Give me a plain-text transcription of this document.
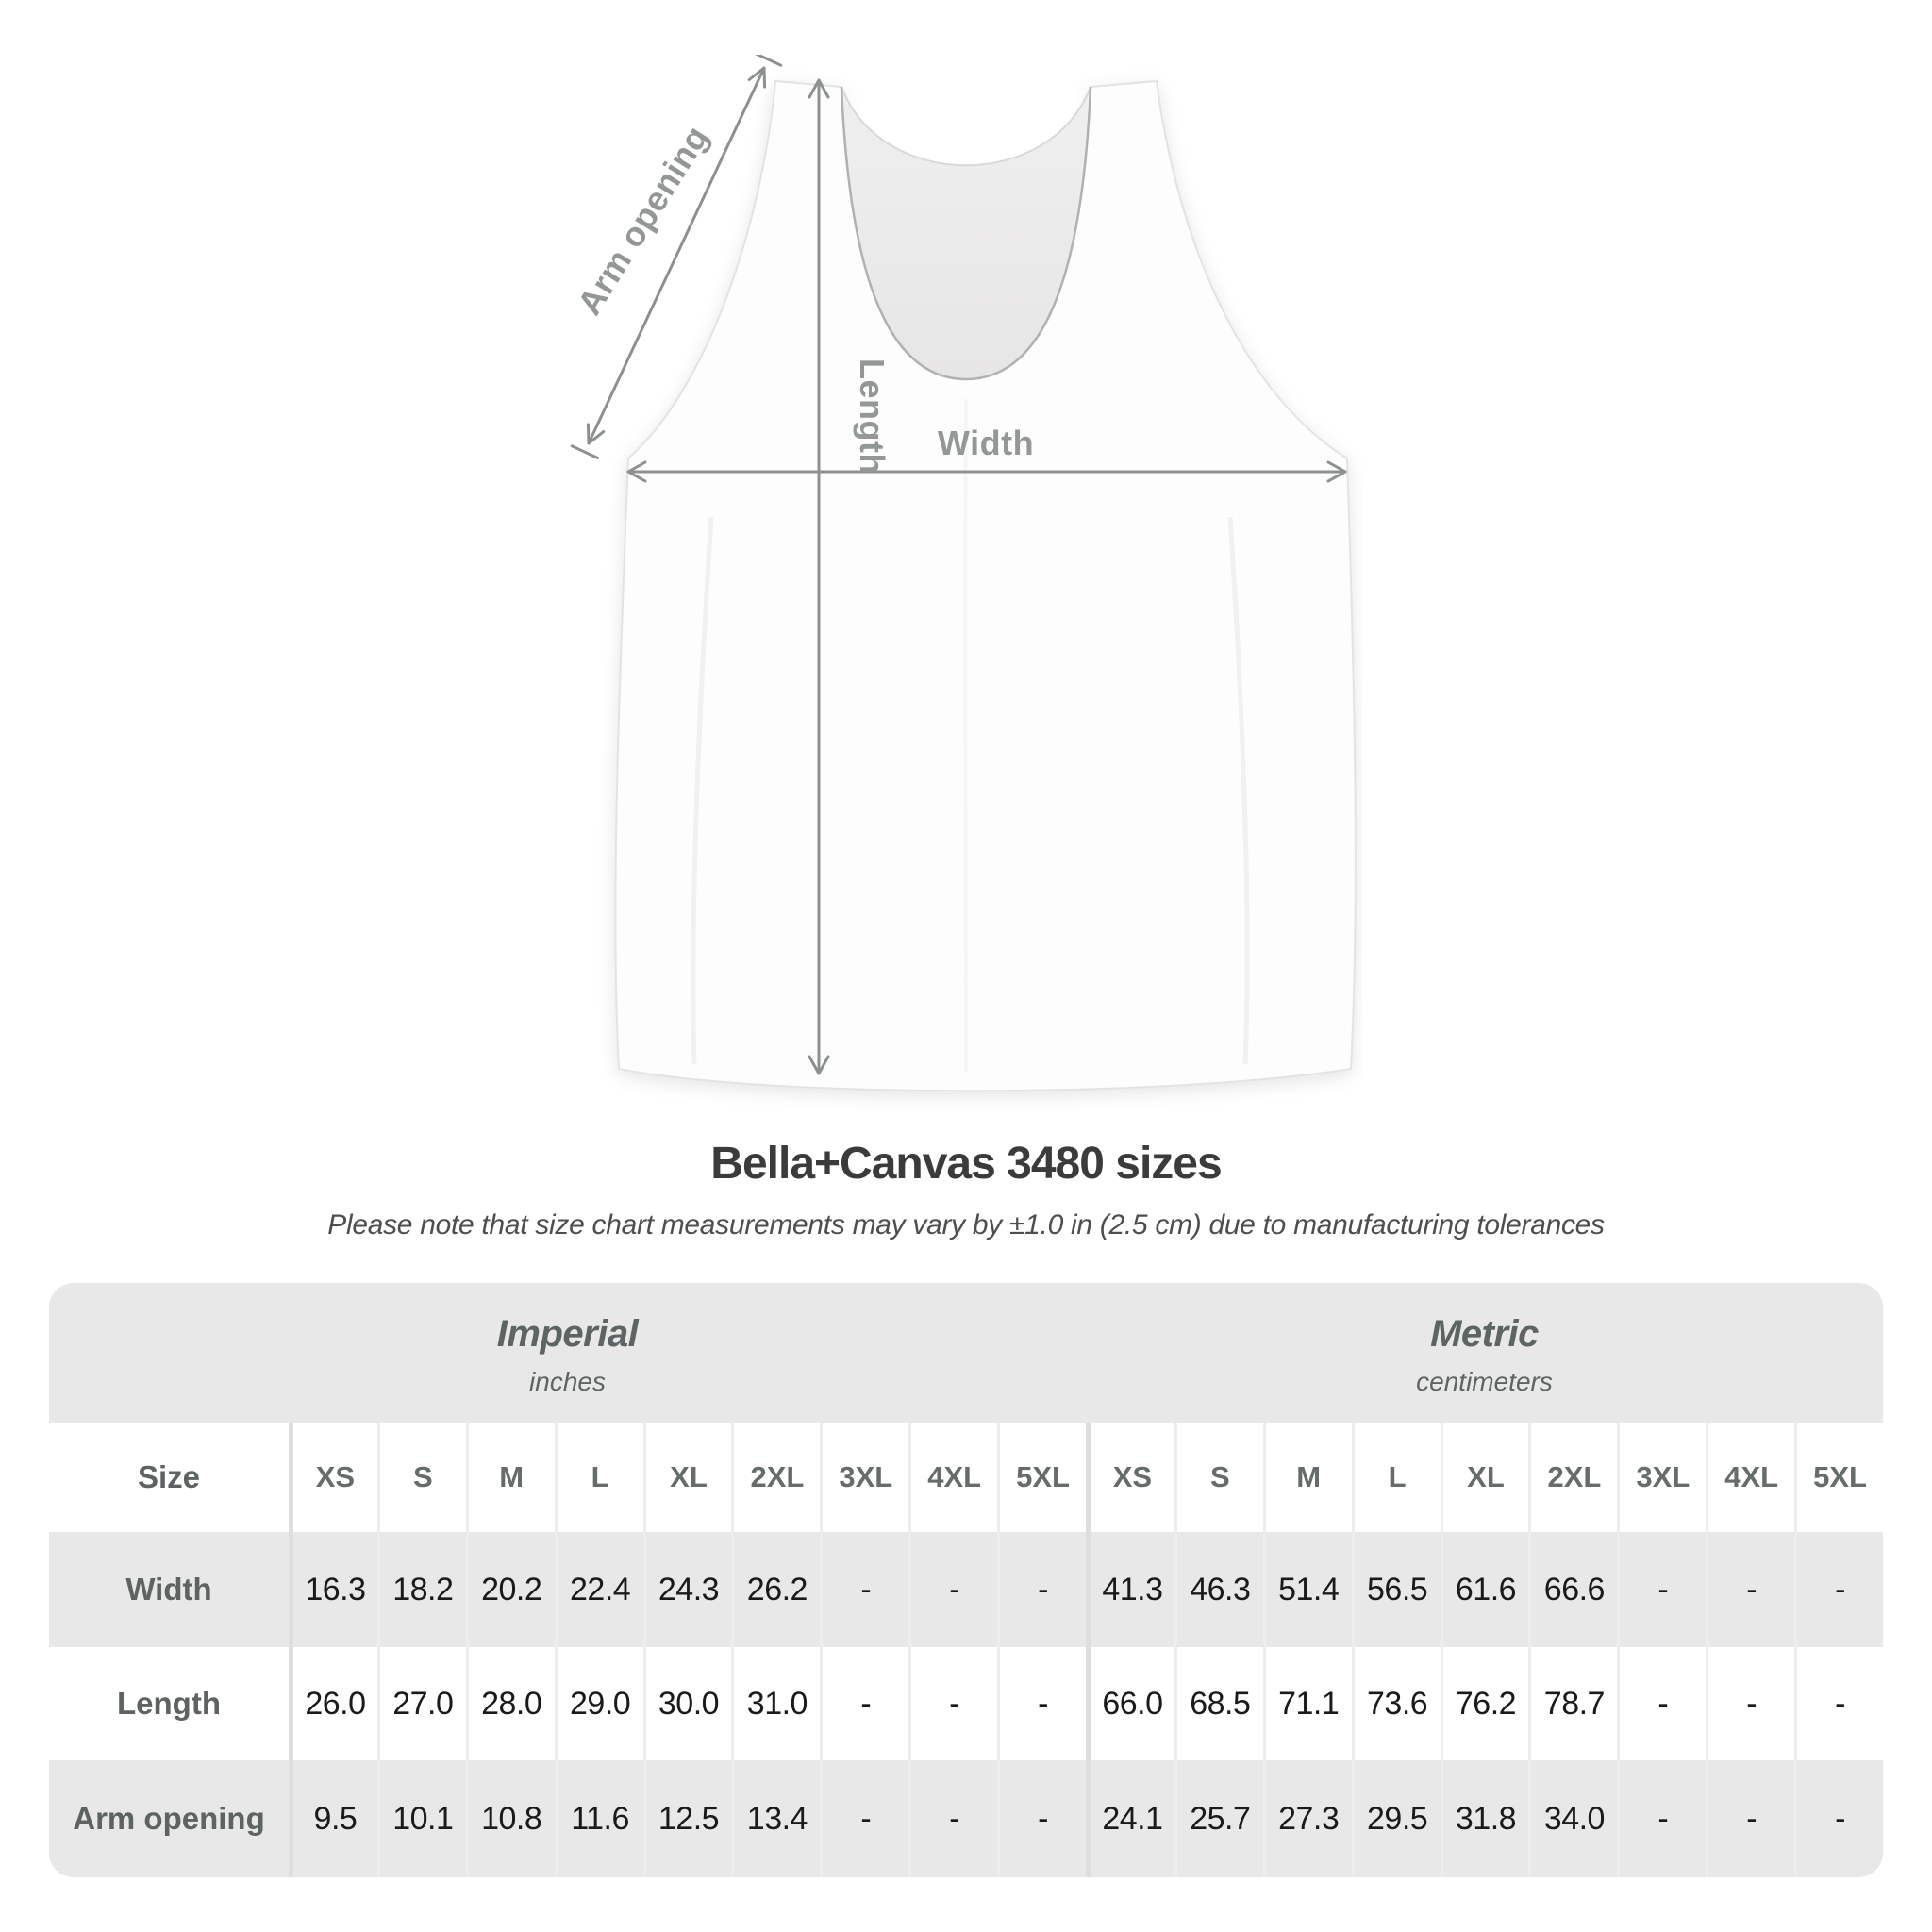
Length Width
Arm opening
Bella+Canvas 3480 sizes

Please note that size chart measurements may vary by ±1.0 in (2.5 cm) due to manufacturing tolerances

Imperial
inches
Metric
centimeters
Size	XS	S	M	L	XL	2XL	3XL	4XL	5XL	XS	S	M	L	XL	2XL	3XL	4XL	5XL
Width	16.3 18.2 20.2 22.4 24.3 26.2	-	-	-	41.3 46.3 51.4 56.5 61.6 66.6	-	-	-
Length	26.0 27.0 28.0 29.0 30.0 31.0	-	-	-	66.0 68.5 71.1 73.6 76.2 78.7	-	-	-
Arm opening	9.5	10.1 10.8 11.6 12.5 13.4	-	-	-	24.1 25.7 27.3 29.5 31.8 34.0	-	-	-
